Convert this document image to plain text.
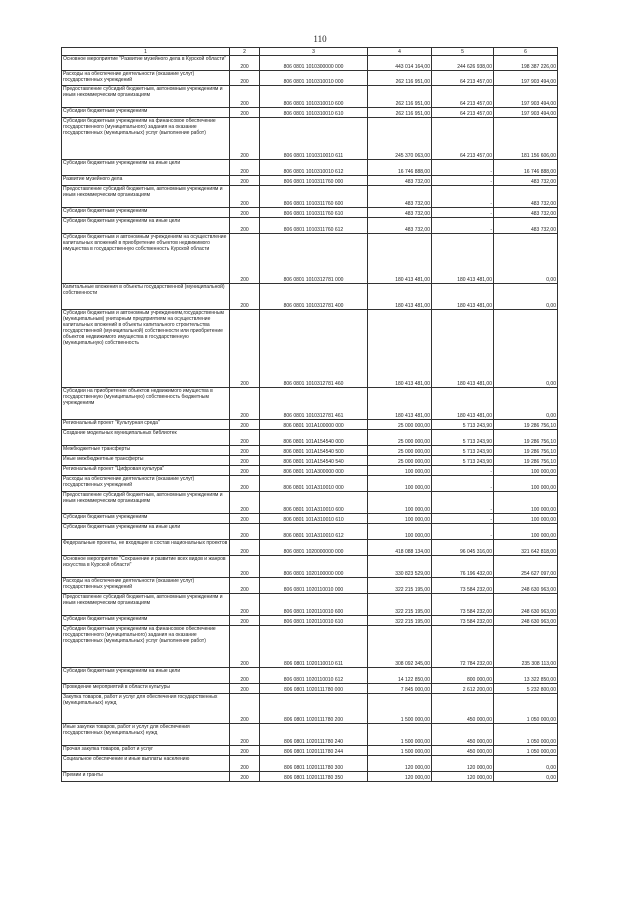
110
1	2	3	4	5	6
Основное мероприятие "Развитие музейного дела в Курской области"	200	806 0801 1010300000 000	443 014 164,00	244 626 938,00	198 387 226,00
Расходы на обеспечение деятельности (оказание услуг) государственных учреждений	200	806 0801 1010310010 000	262 116 951,00	64 213 457,00	197 903 494,00
Предоставление субсидий бюджетным, автономным учреждениям и иным некоммерческим организациям	200	806 0801 1010310010 600	262 116 951,00	64 213 457,00	197 903 494,00
Субсидии бюджетным учреждениям	200	806 0801 1010310010 610	262 116 951,00	64 213 457,00	197 903 494,00
Субсидии бюджетным учреждениям на финансовое обеспечение государственного (муниципального) задания на оказание государственных (муниципальных) услуг (выполнение работ)	200	806 0801 1010310010 611	245 370 063,00	64 213 457,00	181 156 606,00
Субсидии бюджетным учреждениям на иные цели	200	806 0801 1010310010 612	16 746 888,00	-	16 746 888,00
Развитие музейного дела	200	806 0801 1010311760 000	483 732,00	-	483 732,00
Предоставление субсидий бюджетным, автономным учреждениям и иным некоммерческим организациям	200	806 0801 1010311760 600	483 732,00	-	483 732,00
Субсидии бюджетным учреждениям	200	806 0801 1010311760 610	483 732,00	-	483 732,00
Субсидии бюджетным учреждениям на иные цели	200	806 0801 1010311760 612	483 732,00	-	483 732,00
Субсидии бюджетным и автономным учреждениям на осуществление капитальных вложений в приобретение объектов недвижимого имущества в государственную собственность Курской области	200	806 0801 1010312781 000	180 413 481,00	180 413 481,00	0,00
Капитальные вложения в объекты государственной (муниципальной) собственности	200	806 0801 1010312781 400	180 413 481,00	180 413 481,00	0,00
Субсидии бюджетным и автономным учреждениям,государственным (муниципальным) унитарным предприятиям на осуществление капитальных вложений в объекты капитального строительства государственной (муниципальной) собственности или приобретение объектов недвижимого имущества в государственную (муниципальную) собственность	200	806 0801 1010312781 460	180 413 481,00	180 413 481,00	0,00
Субсидии на приобретение объектов недвижимого имущества в государственную (муниципальную) собственность бюджетным учреждениям	200	806 0801 1010312781 461	180 413 481,00	180 413 481,00	0,00
Региональный проект "Культурная среда"	200	806 0801 101А100000 000	25 000 000,00	5 713 243,90	19 286 756,10
Создание модельных муниципальных библиотек	200	806 0801 101А154540 000	25 000 000,00	5 713 243,90	19 286 756,10
Межбюджетные трансферты	200	806 0801 101А154540 500	25 000 000,00	5 713 243,90	19 286 756,10
Иные межбюджетные трансферты	200	806 0801 101А154540 540	25 000 000,00	5 713 243,90	19 286 756,10
Региональный проект "Цифровая культура"	200	806 0801 101А300000 000	100 000,00	-	100 000,00
Расходы на обеспечение деятельности (оказание услуг) государственных учреждений	200	806 0801 101А310010 000	100 000,00	-	100 000,00
Предоставление субсидий бюджетным, автономным учреждениям и иным некоммерческим организациям	200	806 0801 101А310010 600	100 000,00	-	100 000,00
Субсидии бюджетным учреждениям	200	806 0801 101А310010 610	100 000,00	-	100 000,00
Субсидии бюджетным учреждениям на иные цели	200	806 0801 101А310010 612	100 000,00	-	100 000,00
Федеральные проекты, не входящие в состав национальных проектов	200	806 0801 1020000000 000	418 088 134,00	96 045 316,00	321 642 818,00
Основное мероприятие "Сохранение и развитие всех видов и жанров искусства в Курской области"	200	806 0801 1020100000 000	330 823 529,00	76 196 432,00	254 627 097,00
Расходы на обеспечение деятельности (оказание услуг) государственных учреждений	200	806 0801 1020110010 000	322 215 195,00	73 584 232,00	248 630 963,00
Предоставление субсидий бюджетным, автономным учреждениям и иным некоммерческим организациям	200	806 0801 1020110010 600	322 215 195,00	73 584 232,00	248 630 963,00
Субсидии бюджетным учреждениям	200	806 0801 1020110010 610	322 215 195,00	73 584 232,00	248 630 963,00
Субсидии бюджетным учреждениям на финансовое обеспечение государственного (муниципального) задания на оказание государственных (муниципальных) услуг (выполнение работ)	200	806 0801 1020110010 611	308 092 345,00	72 784 232,00	235 308 113,00
Субсидии бюджетным учреждениям на иные цели	200	806 0801 1020110010 612	14 122 850,00	800 000,00	13 322 850,00
Проведение мероприятий в области культуры	200	806 0801 1020111780 000	7 845 000,00	2 612 200,00	5 232 800,00
Закупка товаров, работ и услуг для обеспечения государственных (муниципальных) нужд	200	806 0801 1020111780 200	1 500 000,00	450 000,00	1 050 000,00
Иные закупки товаров, работ и услуг для обеспечения государственных (муниципальных) нужд	200	806 0801 1020111780 240	1 500 000,00	450 000,00	1 050 000,00
Прочая закупка товаров, работ и услуг	200	806 0801 1020111780 244	1 500 000,00	450 000,00	1 050 000,00
Социальное обеспечение и иные выплаты населению	200	806 0801 1020111780 300	120 000,00	120 000,00	0,00
Премии и гранты	200	806 0801 1020111780 350	120 000,00	120 000,00	0,00
